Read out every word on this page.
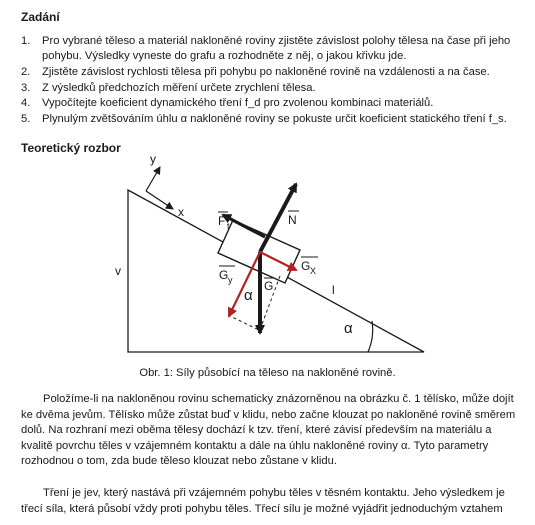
Zadání
1. Pro vybrané těleso a materiál nakloněné roviny zjistěte závislost polohy tělesa na čase při jeho pohybu. Výsledky vyneste do grafu a rozhodněte z něj, o jakou křivku jde.
2. Zjistěte závislost rychlosti tělesa při pohybu po nakloněné rovině na vzdálenosti a na čase.
3. Z výsledků předchozích měření určete zrychlení tělesa.
4. Vypočítejte koeficient dynamického tření f_d pro zvolenou kombinaci materiálů.
5. Plynulým zvětšováním úhlu α nakloněné roviny se pokuste určit koeficient statického tření f_s.
Teoretický rozbor
y
x
v
l
α
α
F t	N
G
G X
G y
Obr. 1: Síly působící na těleso na nakloněné rovině.

Položíme-li na nakloněnou rovinu schematicky znázorněnou na obrázku č. 1 tělísko, může dojít ke dvěma jevům. Tělísko může zůstat buď v klidu, nebo začne klouzat po nakloněné rovině směrem dolů. Na rozhraní mezi oběma tělesy dochází k tzv. tření, které závisí především na materiálu a kvalitě povrchu těles v vzájemném kontaktu a dále na úhlu nakloněné roviny α. Tyto parametry rozhodnou o tom, zda bude těleso klouzat nebo zůstane v klidu.

Tření je jev, který nastává při vzájemném pohybu těles v těsném kontaktu. Jeho výsledkem je třecí síla, která působí vždy proti pohybu těles. Třecí sílu je možné vyjádřit jednoduchým vztahem
